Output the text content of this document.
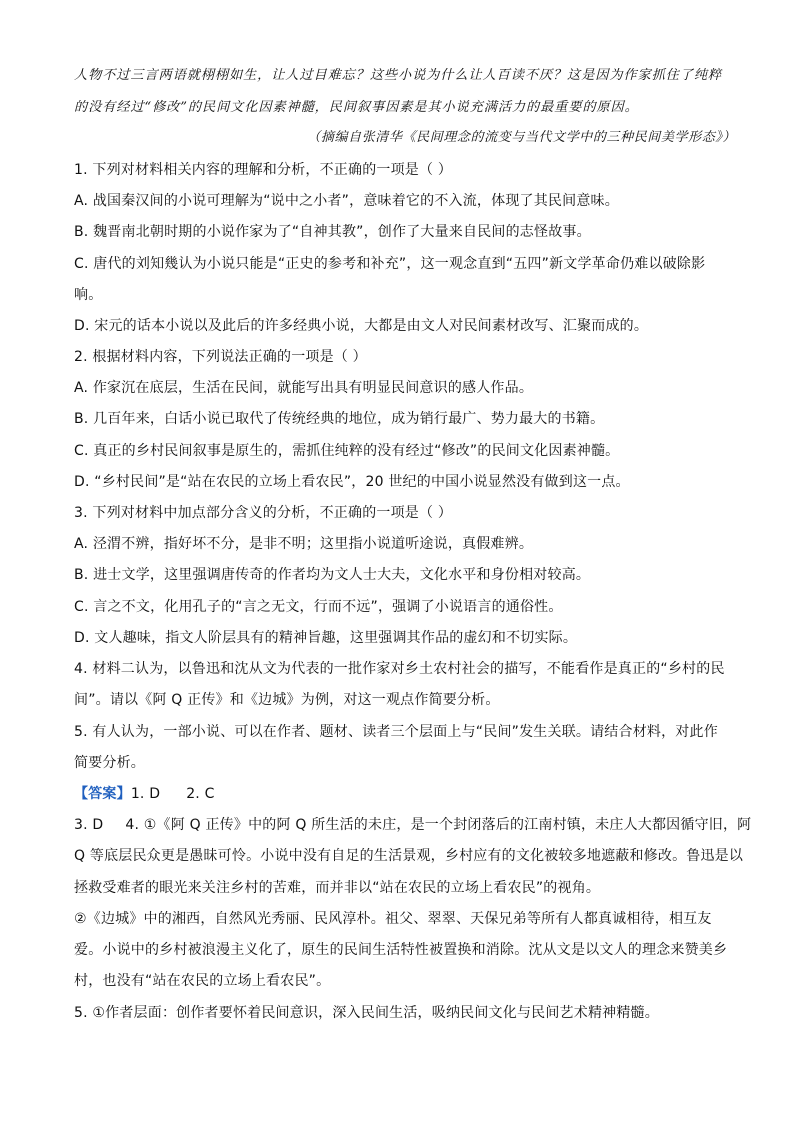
人物不过三言两语就栩栩如生，让人过目难忘？这些小说为什么让人百读不厌？这是因为作家抓住了纯粹
的没有经过“修改”的民间文化因素神髓，民间叙事因素是其小说充满活力的最重要的原因。
（摘编自张清华《民间理念的流变与当代文学中的三种民间美学形态》）
1. 下列对材料相关内容的理解和分析，不正确的一项是（ ）
A. 战国秦汉间的小说可理解为“说中之小者”，意味着它的不入流，体现了其民间意味。
B. 魏晋南北朝时期的小说作家为了“自神其教”，创作了大量来自民间的志怪故事。
C. 唐代的刘知幾认为小说只能是“正史的参考和补充”，这一观念直到“五四”新文学革命仍难以破除影
响。
D. 宋元的话本小说以及此后的许多经典小说，大都是由文人对民间素材改写、汇聚而成的。
2. 根据材料内容，下列说法正确的一项是（ ）
A. 作家沉在底层，生活在民间，就能写出具有明显民间意识的感人作品。
B. 几百年来，白话小说已取代了传统经典的地位，成为销行最广、势力最大的书籍。
C. 真正的乡村民间叙事是原生的，需抓住纯粹的没有经过“修改”的民间文化因素神髓。
D. “乡村民间”是“站在农民的立场上看农民”，20 世纪的中国小说显然没有做到这一点。
3. 下列对材料中加点部分含义的分析，不正确的一项是（ ）
A. 泾渭不辨，指好坏不分，是非不明；这里指小说道听途说，真假难辨。
B. 进士文学，这里强调唐传奇的作者均为文人士大夫，文化水平和身份相对较高。
C. 言之不文，化用孔子的“言之无文，行而不远”，强调了小说语言的通俗性。
D. 文人趣味，指文人阶层具有的精神旨趣，这里强调其作品的虚幻和不切实际。
4. 材料二认为，以鲁迅和沈从文为代表的一批作家对乡土农村社会的描写，不能看作是真正的“乡村的民
间”。请以《阿 Q 正传》和《边城》为例，对这一观点作简要分析。
5. 有人认为，一部小说、可以在作者、题材、读者三个层面上与“民间”发生关联。请结合材料，对此作
简要分析。
【答案】1. D 2. C
3. D 4. ①《阿 Q 正传》中的阿 Q 所生活的未庄，是一个封闭落后的江南村镇，未庄人大都因循守旧，阿
Q 等底层民众更是愚昧可怜。小说中没有自足的生活景观，乡村应有的文化被较多地遮蔽和修改。鲁迅是以
拯救受难者的眼光来关注乡村的苦难，而并非以“站在农民的立场上看农民”的视角。
②《边城》中的湘西，自然风光秀丽、民风淳朴。祖父、翠翠、天保兄弟等所有人都真诚相待，相互友
爱。小说中的乡村被浪漫主义化了，原生的民间生活特性被置换和消除。沈从文是以文人的理念来赞美乡
村，也没有“站在农民的立场上看农民”。
5. ①作者层面：创作者要怀着民间意识，深入民间生活，吸纳民间文化与民间艺术精神精髓。
